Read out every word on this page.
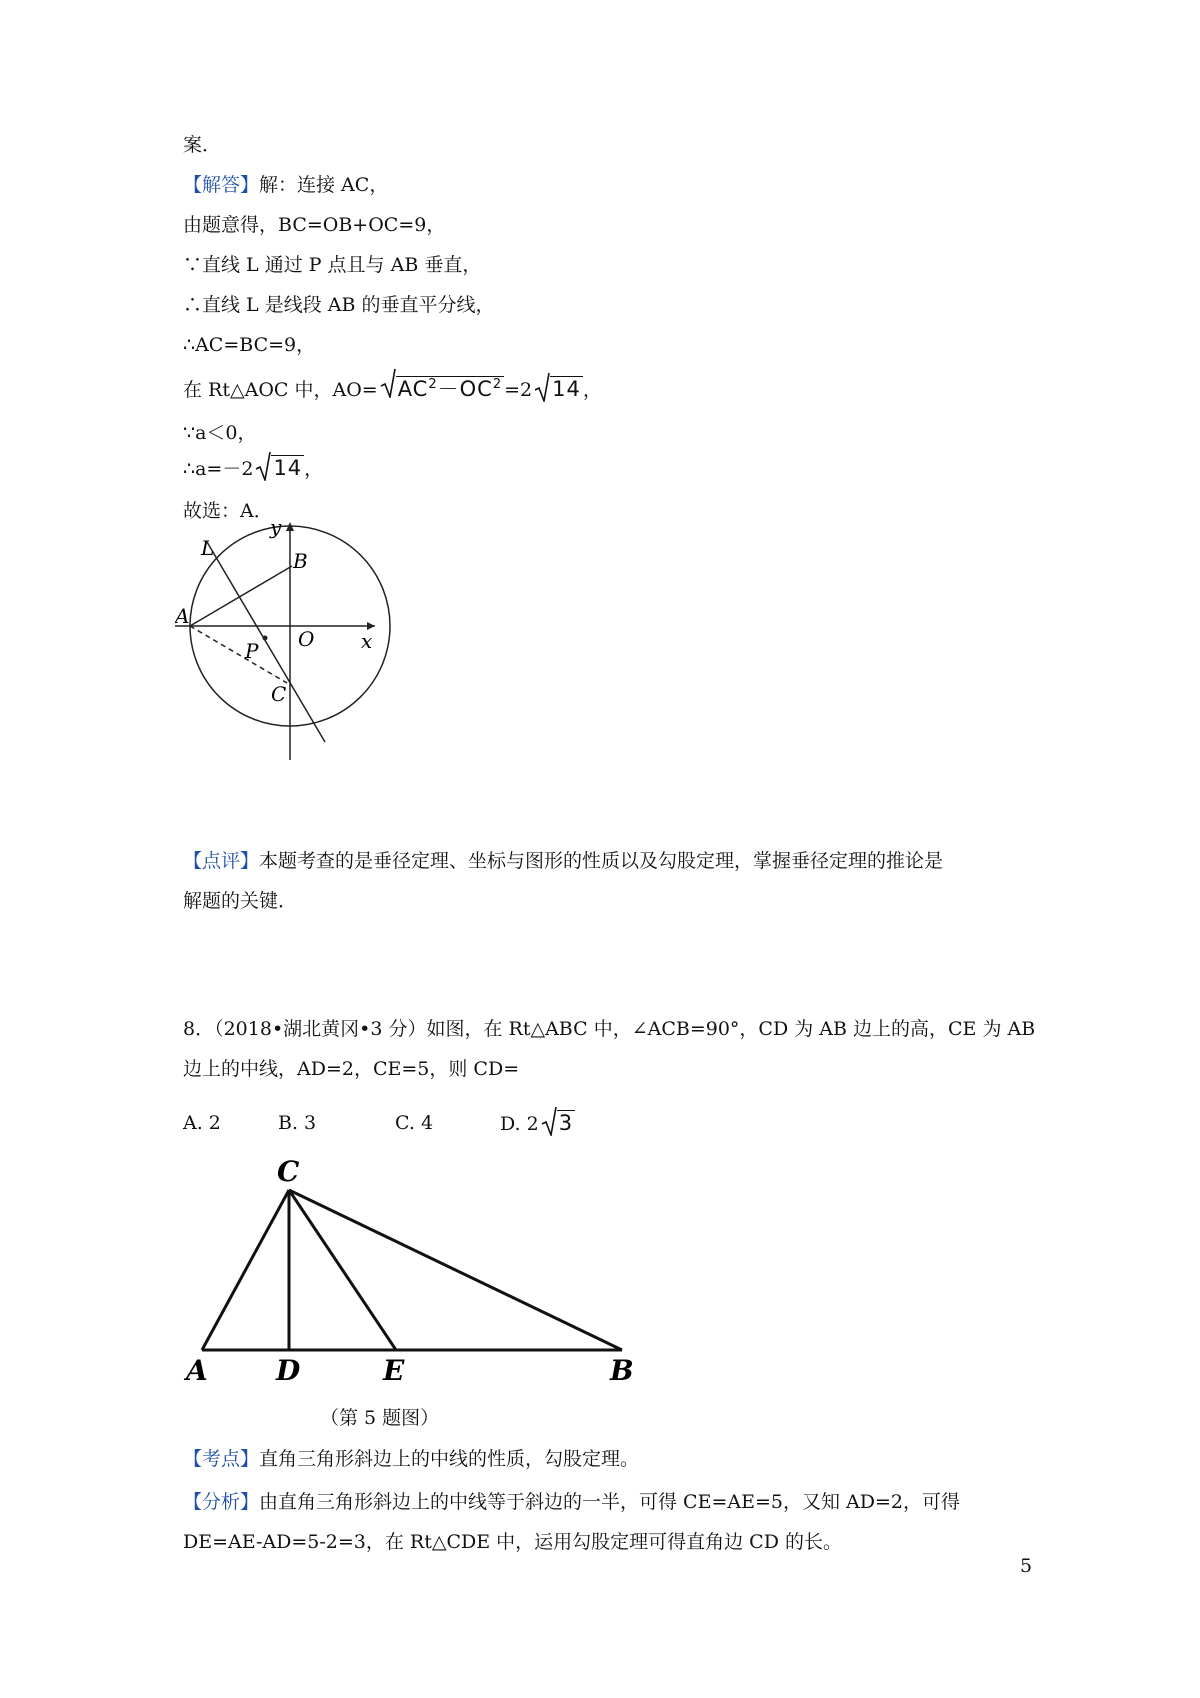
案．
【解答】解：连接 AC，
由题意得，BC=OB+OC=9，
∵直线 L 通过 P 点且与 AB 垂直，
∴直线 L 是线段 AB 的垂直平分线，
∴AC=BC=9，
在 Rt△AOC 中，$AO= AC^2-OC^2 =2$ 14 ，
∵a＜0，
∴a=－2 14 ，
故选：A．
y
L
B
A
O x
P
C
【点评】本题考查的是垂径定理、坐标与图形的性质以及勾股定理，掌握垂径定理的推论是
解题的关键．
8．（2018•湖北黄冈•3 分）如图，在 Rt△ABC 中，∠ACB=90°，CD 为 AB 边上的高，CE 为 AB
边上的中线，AD=2，CE=5，则 CD=
A. 2	B. 3	C. 4	D. 2 3
C
A D	E	B
（第 5 题图）
【考点】直角三角形斜边上的中线的性质，勾股定理。
【分析】由直角三角形斜边上的中线等于斜边的一半，可得 CE=AE=5，又知 AD=2，可得
DE=AE-AD=5-2=3，在 Rt△CDE 中，运用勾股定理可得直角边 CD 的长。
5
